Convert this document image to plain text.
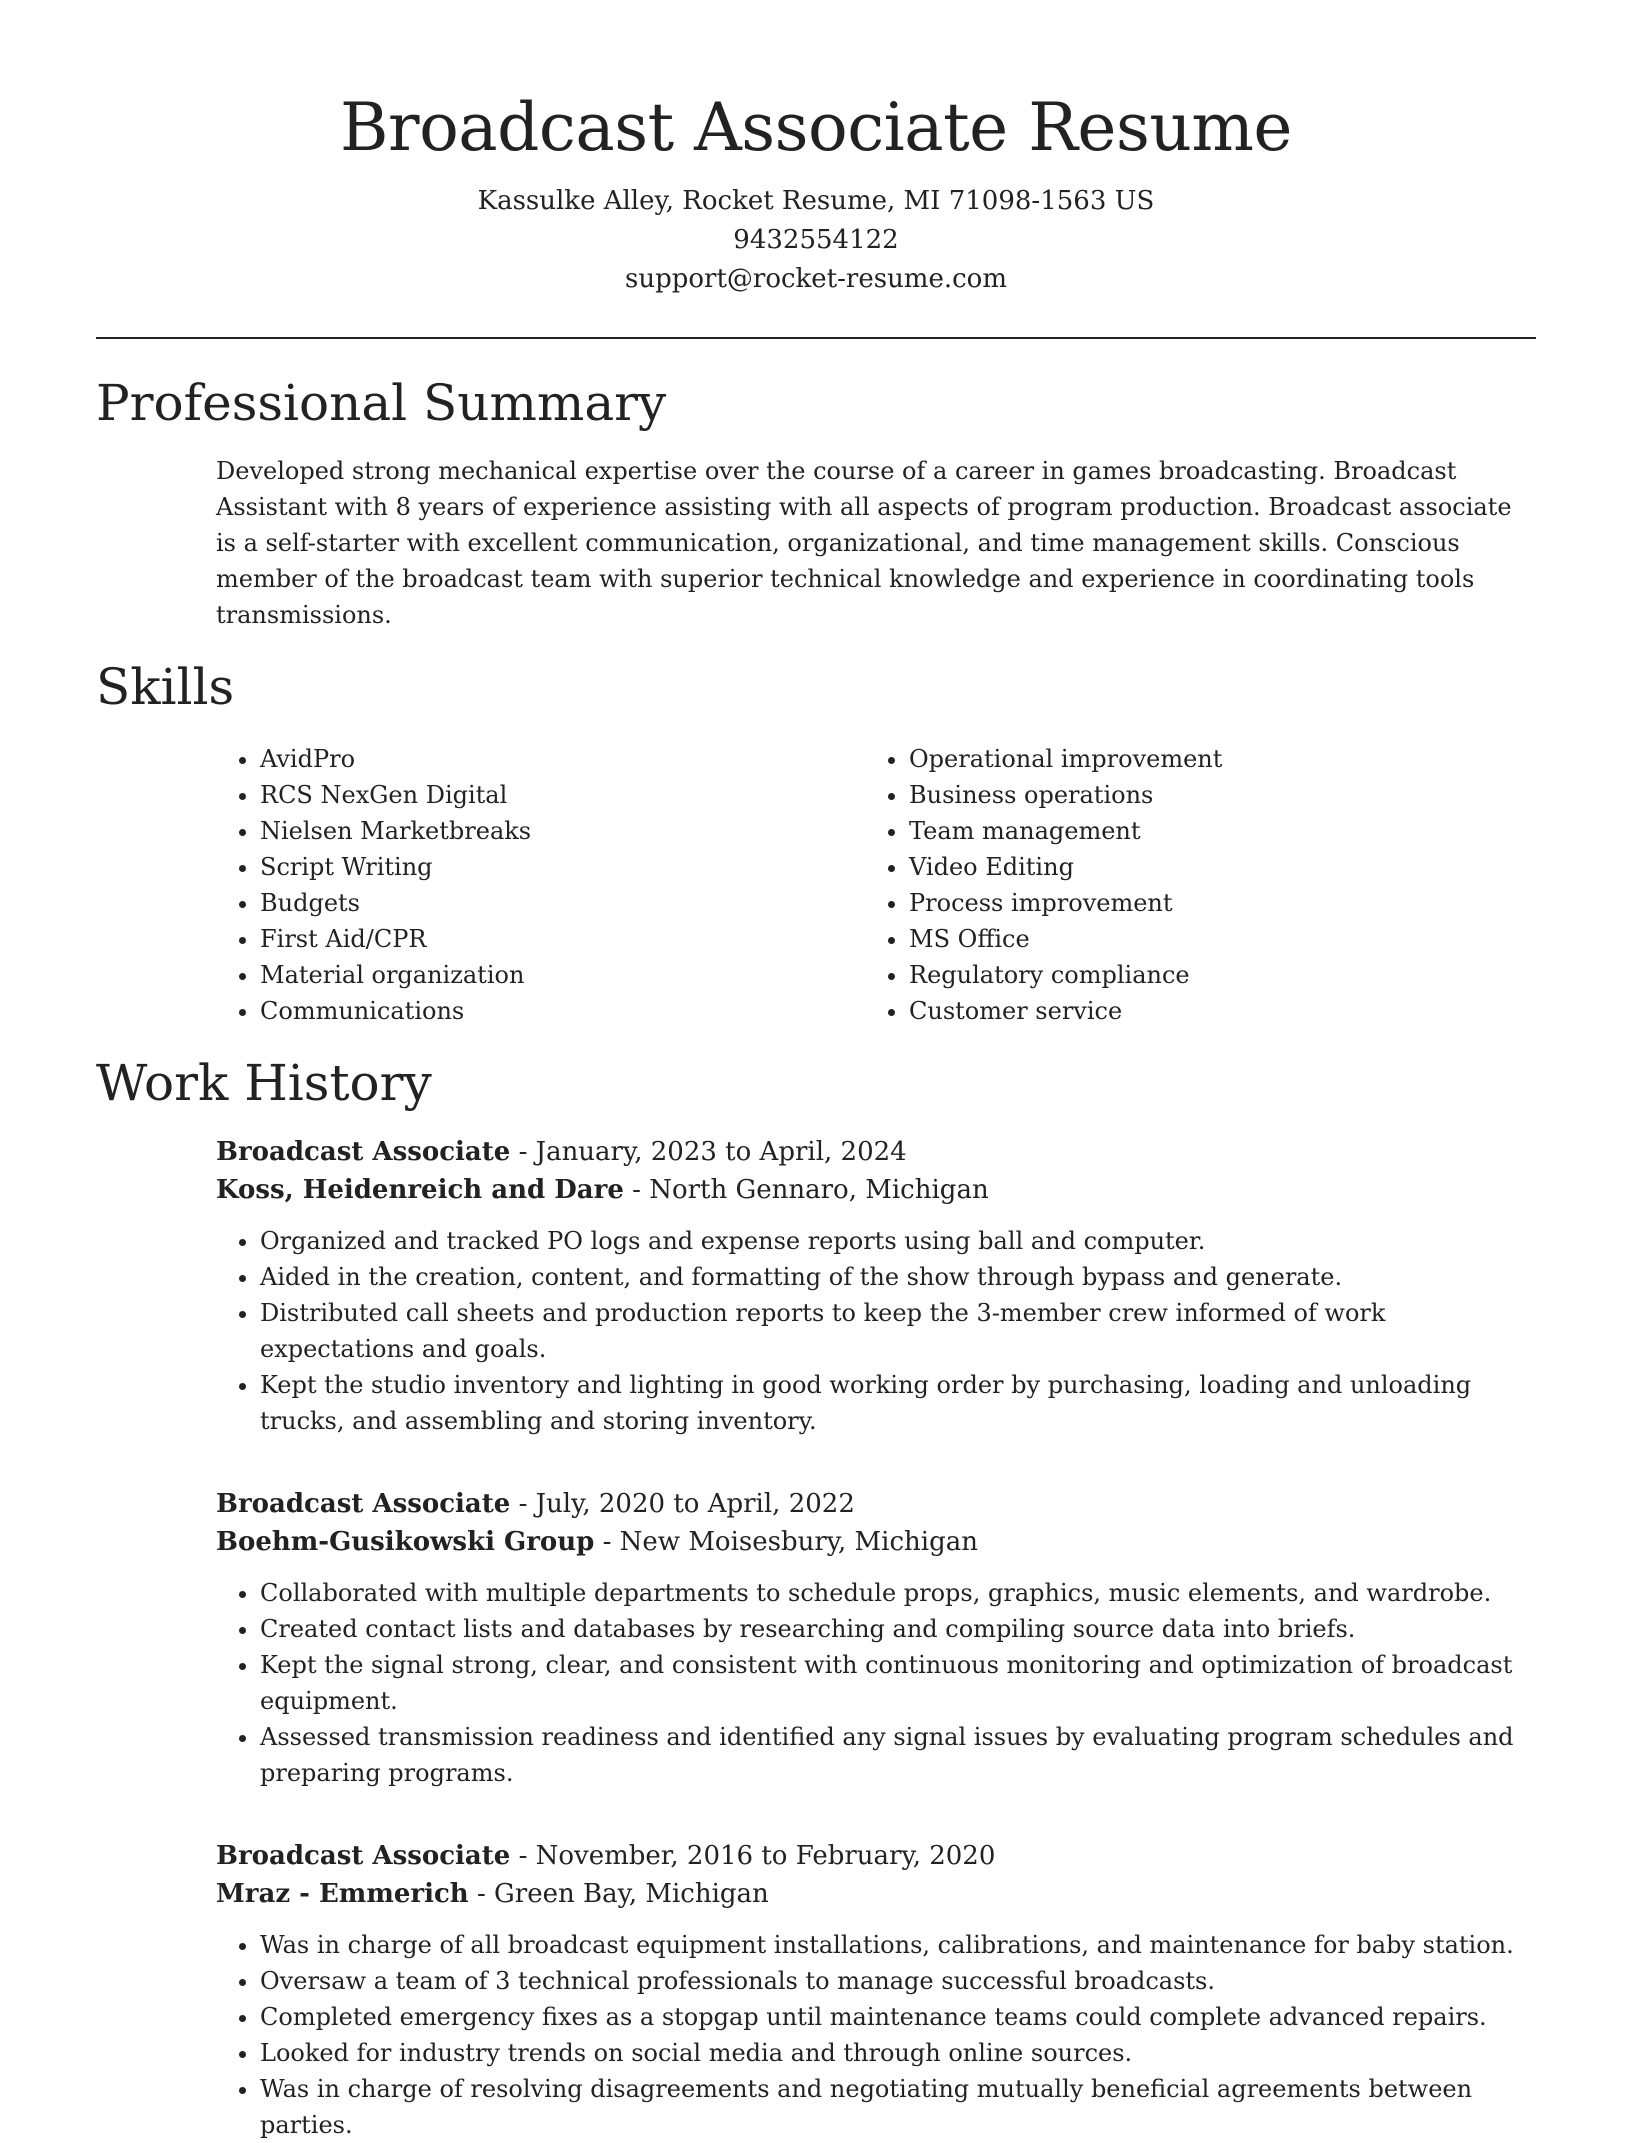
Broadcast Associate Resume
Kassulke Alley, Rocket Resume, MI 71098-1563 US
9432554122
support@rocket-resume.com
Professional Summary

Developed strong mechanical expertise over the course of a career in games broadcasting. Broadcast Assistant with 8 years of experience assisting with all aspects of program production. Broadcast associate is a self-starter with excellent communication, organizational, and time management skills. Conscious member of the broadcast team with superior technical knowledge and experience in coordinating tools transmissions.

Skills
• AvidPro
• RCS NexGen Digital
• Nielsen Marketbreaks
• Script Writing
• Budgets
• First Aid/CPR
• Material organization
• Communications
• Operational improvement
• Business operations
• Team management
• Video Editing
• Process improvement
• MS Office
• Regulatory compliance
• Customer service
Work History
Broadcast Associate - January, 2023 to April, 2024
Koss, Heidenreich and Dare - North Gennaro, Michigan
• Organized and tracked PO logs and expense reports using ball and computer.
• Aided in the creation, content, and formatting of the show through bypass and generate.
• Distributed call sheets and production reports to keep the 3-member crew informed of work expectations and goals.
• Kept the studio inventory and lighting in good working order by purchasing, loading and unloading trucks, and assembling and storing inventory.
Broadcast Associate - July, 2020 to April, 2022
Boehm-Gusikowski Group - New Moisesbury, Michigan
• Collaborated with multiple departments to schedule props, graphics, music elements, and wardrobe.
• Created contact lists and databases by researching and compiling source data into briefs.
• Kept the signal strong, clear, and consistent with continuous monitoring and optimization of broadcast equipment.
• Assessed transmission readiness and identified any signal issues by evaluating program schedules and preparing programs.
Broadcast Associate - November, 2016 to February, 2020
Mraz - Emmerich - Green Bay, Michigan
• Was in charge of all broadcast equipment installations, calibrations, and maintenance for baby station.
• Oversaw a team of 3 technical professionals to manage successful broadcasts.
• Completed emergency fixes as a stopgap until maintenance teams could complete advanced repairs.
• Looked for industry trends on social media and through online sources.
• Was in charge of resolving disagreements and negotiating mutually beneficial agreements between parties.
